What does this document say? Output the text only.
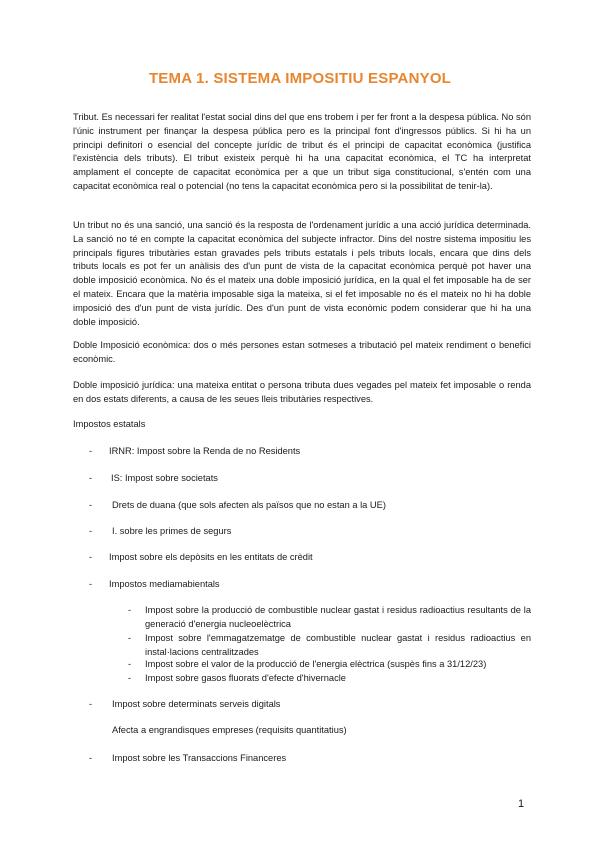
TEMA 1. SISTEMA IMPOSITIU ESPANYOL

Tribut. Es necessari fer realitat l'estat social dins del que ens trobem i per fer front a la despesa pública. No són l'únic instrument per finançar la despesa pública pero es la principal font d'ingressos públics. Si hi ha un principi definitori o esencial del concepte jurídic de tribut és el principi de capacitat econòmica (justifica l'existència dels tributs). El tribut existeix perquè hi ha una capacitat econòmica, el TC ha interpretat amplament el concepte de capacitat econòmica per a que un tribut siga constitucional, s'entén com una capacitat econòmica real o potencial (no tens la capacitat econòmica pero si la possibilitat de tenir-la).

Un tribut no és una sanció, una sanció és la resposta de l'ordenament jurídic a una acció jurídica determinada. La sanció no té en compte la capacitat econòmica del subjecte infractor. Dins del nostre sistema impositiu les principals figures tributàries estan gravades pels tributs estatals i pels tributs locals, encara que dins dels tributs locals es pot fer un anàlisis des d'un punt de vista de la capacitat econòmica perquè pot haver una doble imposició econòmica. No és el mateix una doble imposició jurídica, en la qual el fet imposable ha de ser el mateix. Encara que la matèria imposable siga la mateixa, si el fet imposable no és el mateix no hi ha doble imposició des d'un punt de vista jurídic. Des d'un punt de vista econòmic podem considerar que hi ha una doble imposició.

Doble Imposició econòmica: dos o més persones estan sotmeses a tributació pel mateix rendiment o benefici econòmic.

Doble imposició jurídica: una mateixa entitat o persona tributa dues vegades pel mateix fet imposable o renda en dos estats diferents, a causa de les seues lleis tributàries respectives.

Impostos estatals
- IRNR: Impost sobre la Renda de no Residents
- IS: Impost sobre societats
- Drets de duana (que sols afecten als països que no estan a la UE)
- I. sobre les primes de segurs
- Impost sobre els depòsits en les entitats de crèdit
- Impostos mediamabientals
- Impost sobre la producció de combustible nuclear gastat i residus radioactius resultants de la generació d'energia nucleoelèctrica
- Impost sobre l'emmagatzematge de combustible nuclear gastat i residus radioactius en instal·lacions centralitzades
- Impost sobre el valor de la producció de l'energia elèctrica (suspès fins a 31/12/23)
- Impost sobre gasos fluorats d'efecte d'hivernacle
- Impost sobre determinats serveis digitals
Afecta a engrandisques empreses (requisits quantitatius)
- Impost sobre les Transaccions Financeres
1
